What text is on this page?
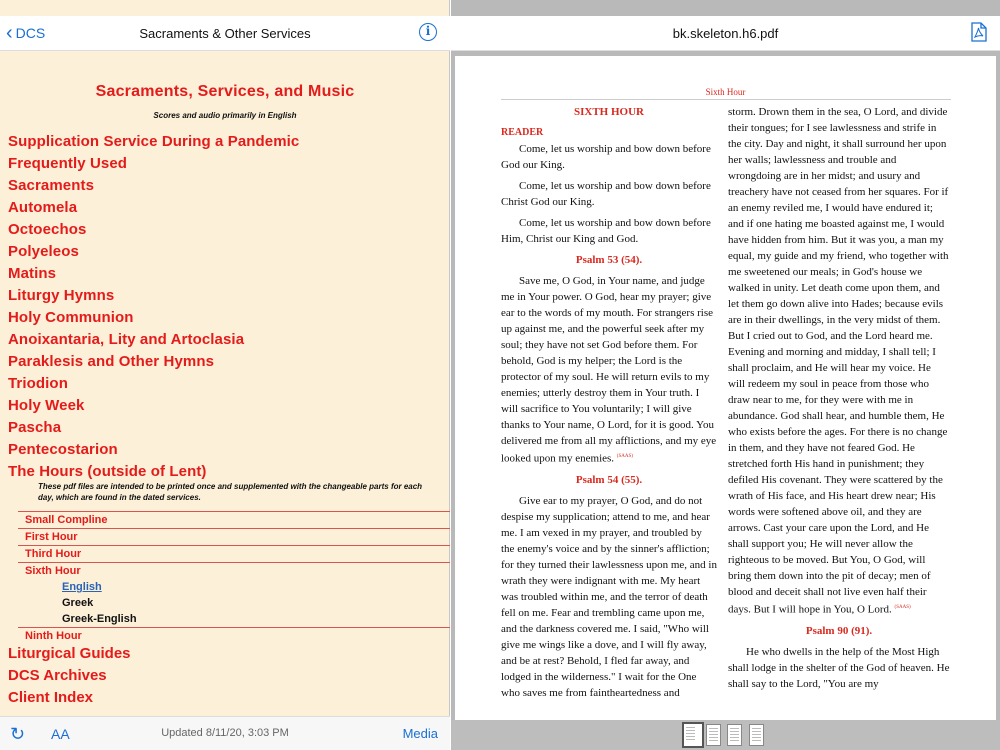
‹ DCS	Sacraments & Other Services	i
Sacraments, Services, and Music
Scores and audio primarily in English
Supplication Service During a Pandemic
Frequently Used
Sacraments
Automela
Octoechos
Polyeleos
Matins
Liturgy Hymns
Holy Communion
Anoixantaria, Lity and Artoclasia
Paraklesis and Other Hymns
Triodion
Holy Week
Pascha
Pentecostarion
The Hours (outside of Lent)
These pdf files are intended to be printed once and supplemented with the changeable parts for each day, which are found in the dated services.
Small Compline
First Hour
Third Hour
Sixth Hour
English
Greek
Greek-English
Ninth Hour
Liturgical Guides
DCS Archives
Client Index
↻ AA	Updated 8/11/20, 3:03 PM	Media
bk.skeleton.h6.pdf
Sixth Hour

SIXTH HOUR

READER

Come, let us worship and bow down before God our King.

Come, let us worship and bow down before Christ God our King.

Come, let us worship and bow down before Him, Christ our King and God.

Psalm 53 (54).

Save me, O God, in Your name, and judge me in Your power. O God, hear my prayer; give ear to the words of my mouth. For strangers rise up against me, and the powerful seek after my soul; they have not set God before them. For behold, God is my helper; the Lord is the protector of my soul. He will return evils to my enemies; utterly destroy them in Your truth. I will sacrifice to You voluntarily; I will give thanks to Your name, O Lord, for it is good. You delivered me from all my afflictions, and my eye looked upon my enemies. $^{(SAAS)}$

Psalm 54 (55).

Give ear to my prayer, O God, and do not despise my supplication; attend to me, and hear me. I am vexed in my prayer, and troubled by the enemy's voice and by the sinner's affliction; for they turned their lawlessness upon me, and in wrath they were indignant with me. My heart was troubled within me, and the terror of death fell on me. Fear and trembling came upon me, and the darkness covered me. I said, "Who will give me wings like a dove, and I will fly away, and be at rest? Behold, I fled far away, and lodged in the wilderness." I wait for the One who saves me from faintheartedness and

storm. Drown them in the sea, O Lord, and divide their tongues; for I see lawlessness and strife in the city. Day and night, it shall surround her upon her walls; lawlessness and trouble and wrongdoing are in her midst; and usury and treachery have not ceased from her squares. For if an enemy reviled me, I would have endured it; and if one hating me boasted against me, I would have hidden from him. But it was you, a man my equal, my guide and my friend, who together with me sweetened our meals; in God's house we walked in unity. Let death come upon them, and let them go down alive into Hades; because evils are in their dwellings, in the very midst of them. But I cried out to God, and the Lord heard me. Evening and morning and midday, I shall tell; I shall proclaim, and He will hear my voice. He will redeem my soul in peace from those who draw near to me, for they were with me in abundance. God shall hear, and humble them, He who exists before the ages. For there is no change in them, and they have not feared God. He stretched forth His hand in punishment; they defiled His covenant. They were scattered by the wrath of His face, and His heart drew near; His words were softened above oil, and they are arrows. Cast your care upon the Lord, and He shall support you; He will never allow the righteous to be moved. But You, O God, will bring them down into the pit of decay; men of blood and deceit shall not live even half their days. But I will hope in You, O Lord. $^{(SAAS)}$

Psalm 90 (91).

He who dwells in the help of the Most High shall lodge in the shelter of the God of heaven. He shall say to the Lord, "You are my
